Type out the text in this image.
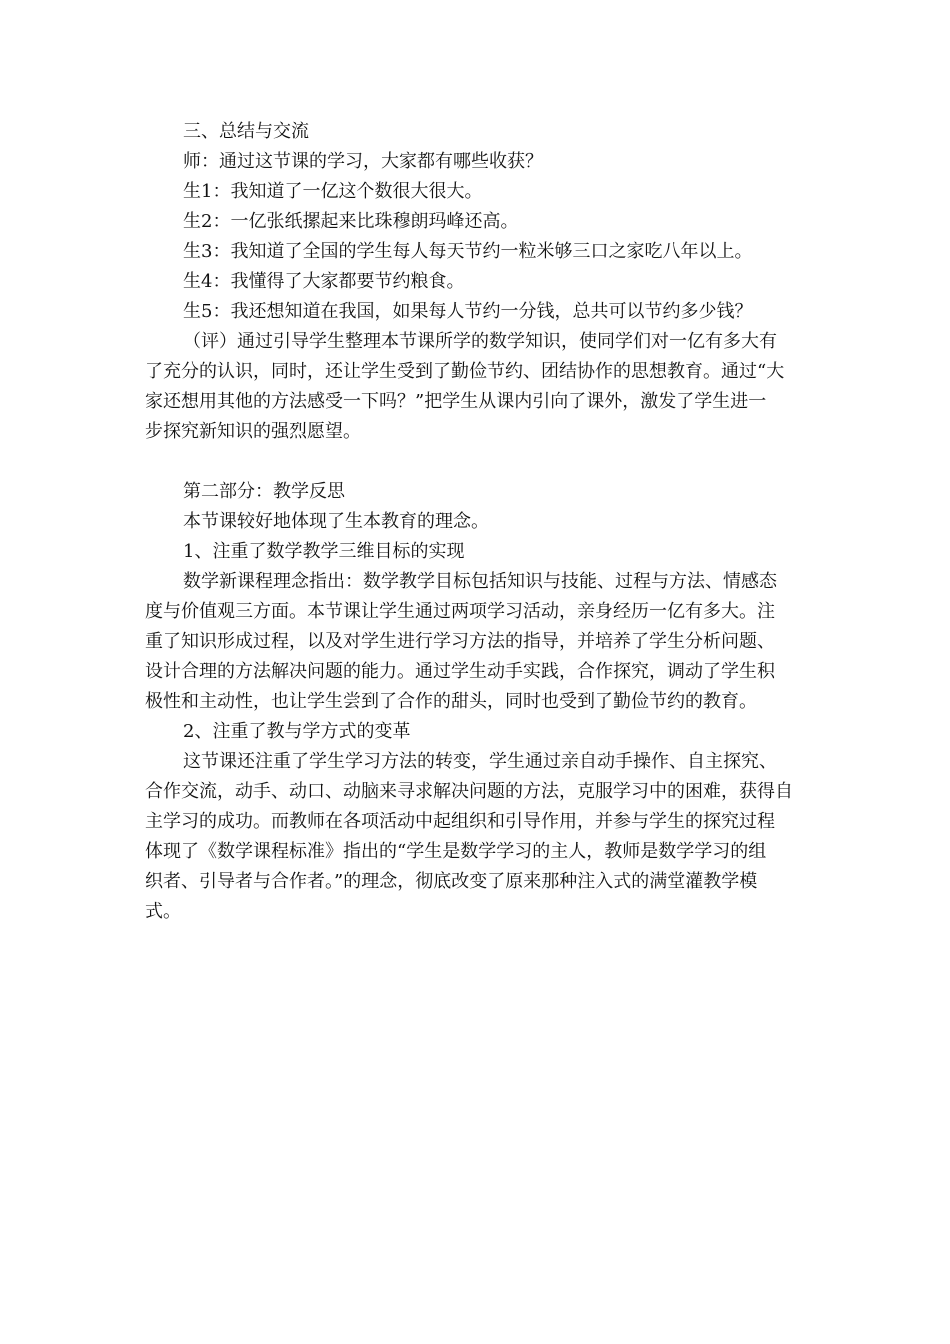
三、总结与交流
师：通过这节课的学习，大家都有哪些收获？
生1：我知道了一亿这个数很大很大。
生2：一亿张纸摞起来比珠穆朗玛峰还高。
生3：我知道了全国的学生每人每天节约一粒米够三口之家吃八年以上。
生4：我懂得了大家都要节约粮食。
生5：我还想知道在我国，如果每人节约一分钱，总共可以节约多少钱？
（评）通过引导学生整理本节课所学的数学知识，使同学们对一亿有多大有
了充分的认识，同时，还让学生受到了勤俭节约、团结协作的思想教育。通过“大
家还想用其他的方法感受一下吗？”把学生从课内引向了课外，激发了学生进一
步探究新知识的强烈愿望。
第二部分：教学反思
本节课较好地体现了生本教育的理念。
1、注重了数学教学三维目标的实现
数学新课程理念指出：数学教学目标包括知识与技能、过程与方法、情感态
度与价值观三方面。本节课让学生通过两项学习活动，亲身经历一亿有多大。注
重了知识形成过程，以及对学生进行学习方法的指导，并培养了学生分析问题、
设计合理的方法解决问题的能力。通过学生动手实践，合作探究，调动了学生积
极性和主动性，也让学生尝到了合作的甜头，同时也受到了勤俭节约的教育。
2、注重了教与学方式的变革
这节课还注重了学生学习方法的转变，学生通过亲自动手操作、自主探究、
合作交流，动手、动口、动脑来寻求解决问题的方法，克服学习中的困难，获得自
主学习的成功。而教师在各项活动中起组织和引导作用，并参与学生的探究过程
体现了《数学课程标准》指出的“学生是数学学习的主人，教师是数学学习的组
织者、引导者与合作者。”的理念，彻底改变了原来那种注入式的满堂灌教学模
式。
